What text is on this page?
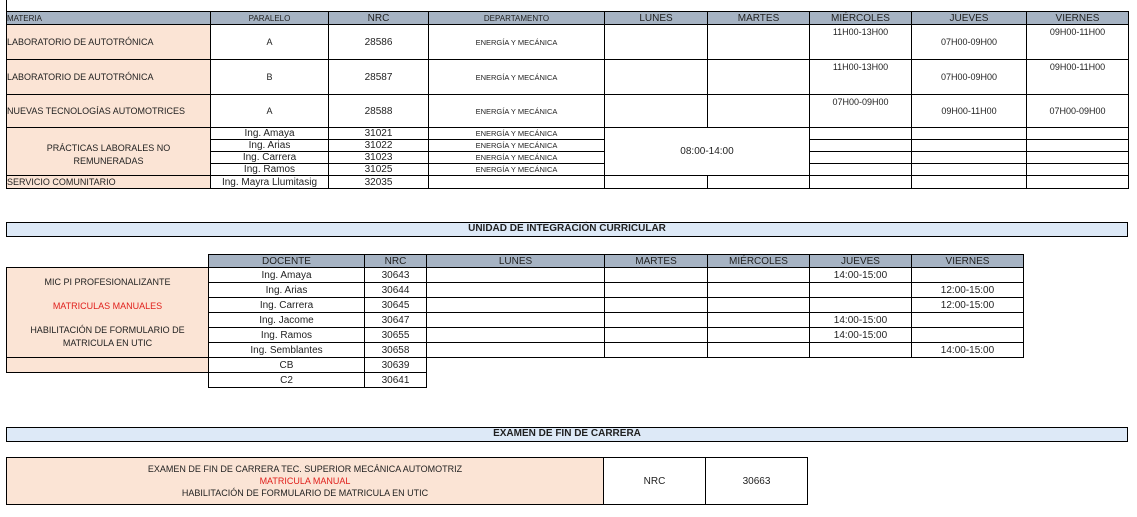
MATERIA	PARALELO	NRC	DEPARTAMENTO	LUNES	MARTES	MIÉRCOLES	JUEVES	VIERNES
LABORATORIO DE AUTOTRÓNICA	A	28586	ENERGÍA Y MECÁNICA			11H00-13H00	07H00-09H00	09H00-11H00
LABORATORIO DE AUTOTRÓNICA	B	28587	ENERGÍA Y MECÁNICA			11H00-13H00	07H00-09H00	09H00-11H00
NUEVAS TECNOLOGÍAS AUTOMOTRICES	A	28588	ENERGÍA Y MECÁNICA			07H00-09H00	09H00-11H00	07H00-09H00

PRÁCTICAS LABORALES NO
REMUNERADAS	Ing. Amaya	31021	ENERGÍA Y MECÁNICA	08:00-14:00				
	Ing. Arias	31022	ENERGÍA Y MECÁNICA					
	Ing. Carrera	31023	ENERGÍA Y MECÁNICA					
	Ing. Ramos	31025	ENERGÍA Y MECÁNICA					
SERVICIO COMUNITARIO	Ing. Mayra Llumitasig	32035						
UNIDAD DE INTEGRACIÓN CURRICULAR
	DOCENTE	NRC	LUNES	MARTES	MIÉRCOLES	JUEVES	VIERNES

MIC PI PROFESIONALIZANTE
MATRICULAS MANUALES
HABILITACIÓN DE FORMULARIO DE
MATRICULA EN UTIC	Ing. Amaya	30643				14:00-15:00	
	Ing. Arias	30644					12:00-15:00
	Ing. Carrera	30645					12:00-15:00
	Ing. Jacome	30647				14:00-15:00	
	Ing. Ramos	30655				14:00-15:00	
	Ing. Semblantes	30658					14:00-15:00
	CB	30639					
	C2	30641					
EXAMEN DE FIN DE CARRERA
EXAMEN DE FIN DE CARRERA TEC. SUPERIOR MECÁNICA AUTOMOTRIZ
MATRICULA MANUAL
HABILITACIÓN DE FORMULARIO DE MATRICULA EN UTIC
	NRC	30663
